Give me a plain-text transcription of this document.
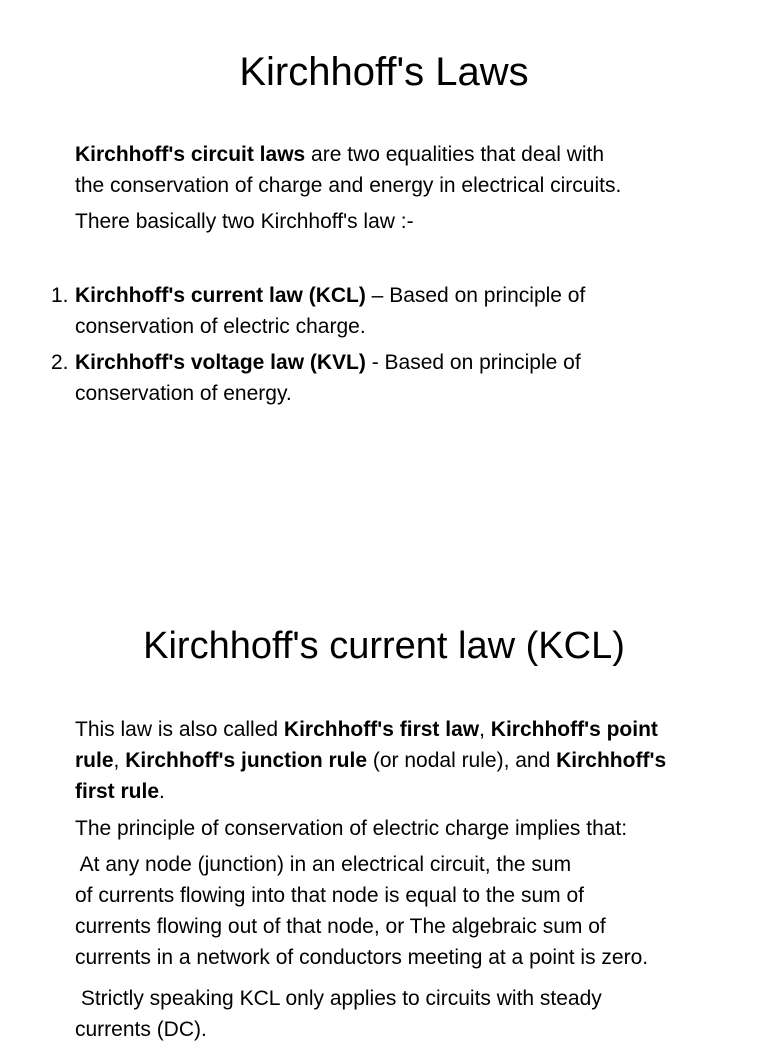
Kirchhoff's Laws

Kirchhoff's circuit laws are two equalities that deal with
the conservation of charge and energy in electrical circuits.

There basically two Kirchhoff's law :-

1. Kirchhoff's current law (KCL) – Based on principle of
conservation of electric charge.

2. Kirchhoff's voltage law (KVL) - Based on principle of
conservation of energy.

Kirchhoff's current law (KCL)

This law is also called Kirchhoff's first law, Kirchhoff's point
rule, Kirchhoff's junction rule (or nodal rule), and Kirchhoff's
first rule.

The principle of conservation of electric charge implies that:

At any node (junction) in an electrical circuit, the sum
of currents flowing into that node is equal to the sum of
currents flowing out of that node, or The algebraic sum of
currents in a network of conductors meeting at a point is zero.

Strictly speaking KCL only applies to circuits with steady
currents (DC).
